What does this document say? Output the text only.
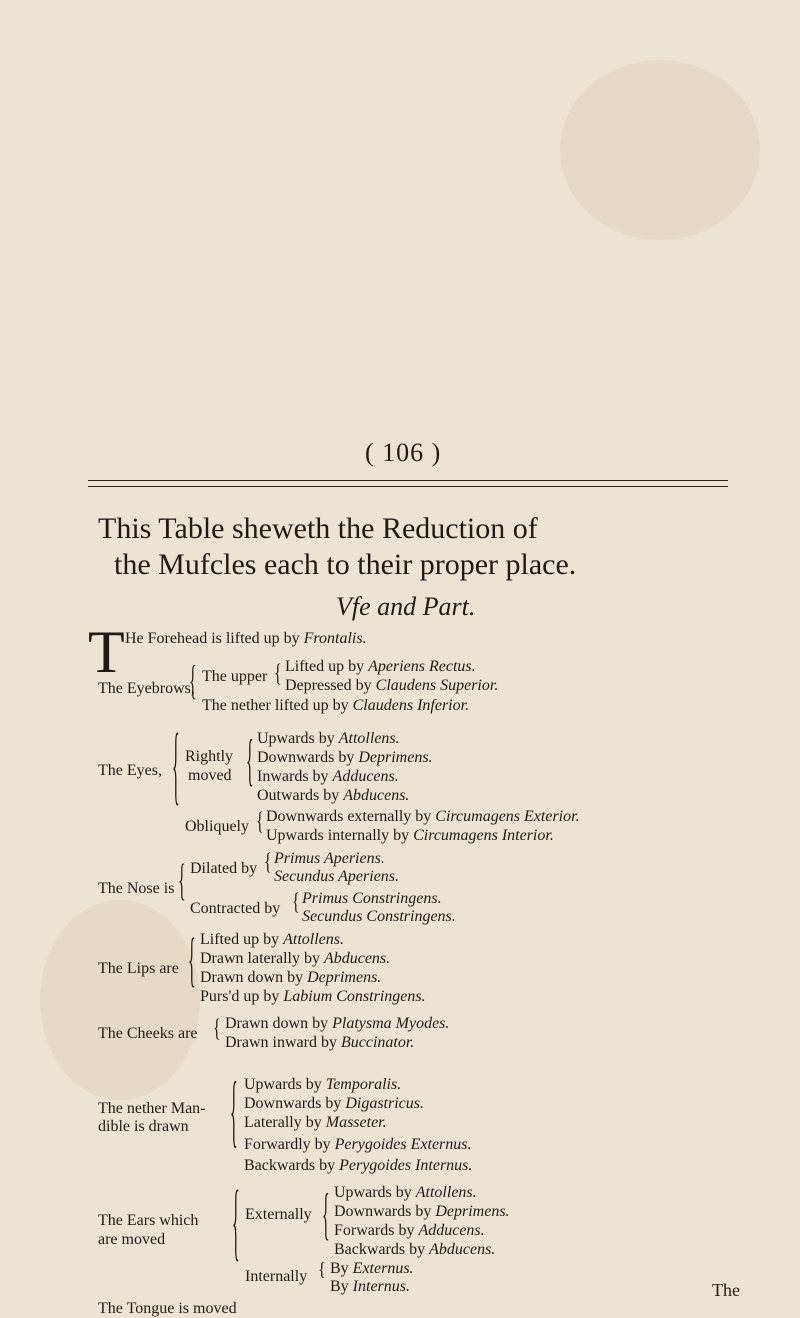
( 106 )
This Table sheweth the Reduction of
the Mufcles each to their proper place.
Vfe and Part.
T He Forehead is lifted up by Frontalis.
The Eyebrows,
{ The upper { Lifted up by Aperiens Rectus.
Depressed by Claudens Superior.
The nether lifted up by Claudens Inferior.
The Eyes, { Rightly
moved { Upwards by Attollens.
Downwards by Deprimens.
Inwards by Adducens.
Outwards by Abducens.
Obliquely { Downwards externally by Circumagens Exterior.
Upwards internally by Circumagens Interior.
The Nose is { Dilated by { Primus Aperiens.
Secundus Aperiens.
Contracted by { Primus Constringens.
Secundus Constringens.
The Lips are { Lifted up by Attollens.
Drawn laterally by Abducens.
Drawn down by Deprimens.
Purs'd up by Labium Constringens.
The Cheeks are { Drawn down by Platysma Myodes.
Drawn inward by Buccinator.
The nether Man-
dible is drawn	{ Upwards by Temporalis.
Downwards by Digastricus.
Laterally by Masseter.
Forwardly by Perygoides Externus.
Backwards by Perygoides Internus.
The Ears which
are moved	{ Externally { Upwards by Attollens.
Downwards by Deprimens.
Forwards by Adducens.
Backwards by Abducens.
Internally { By Externus.
By Internus.
The Tongue is moved
The
